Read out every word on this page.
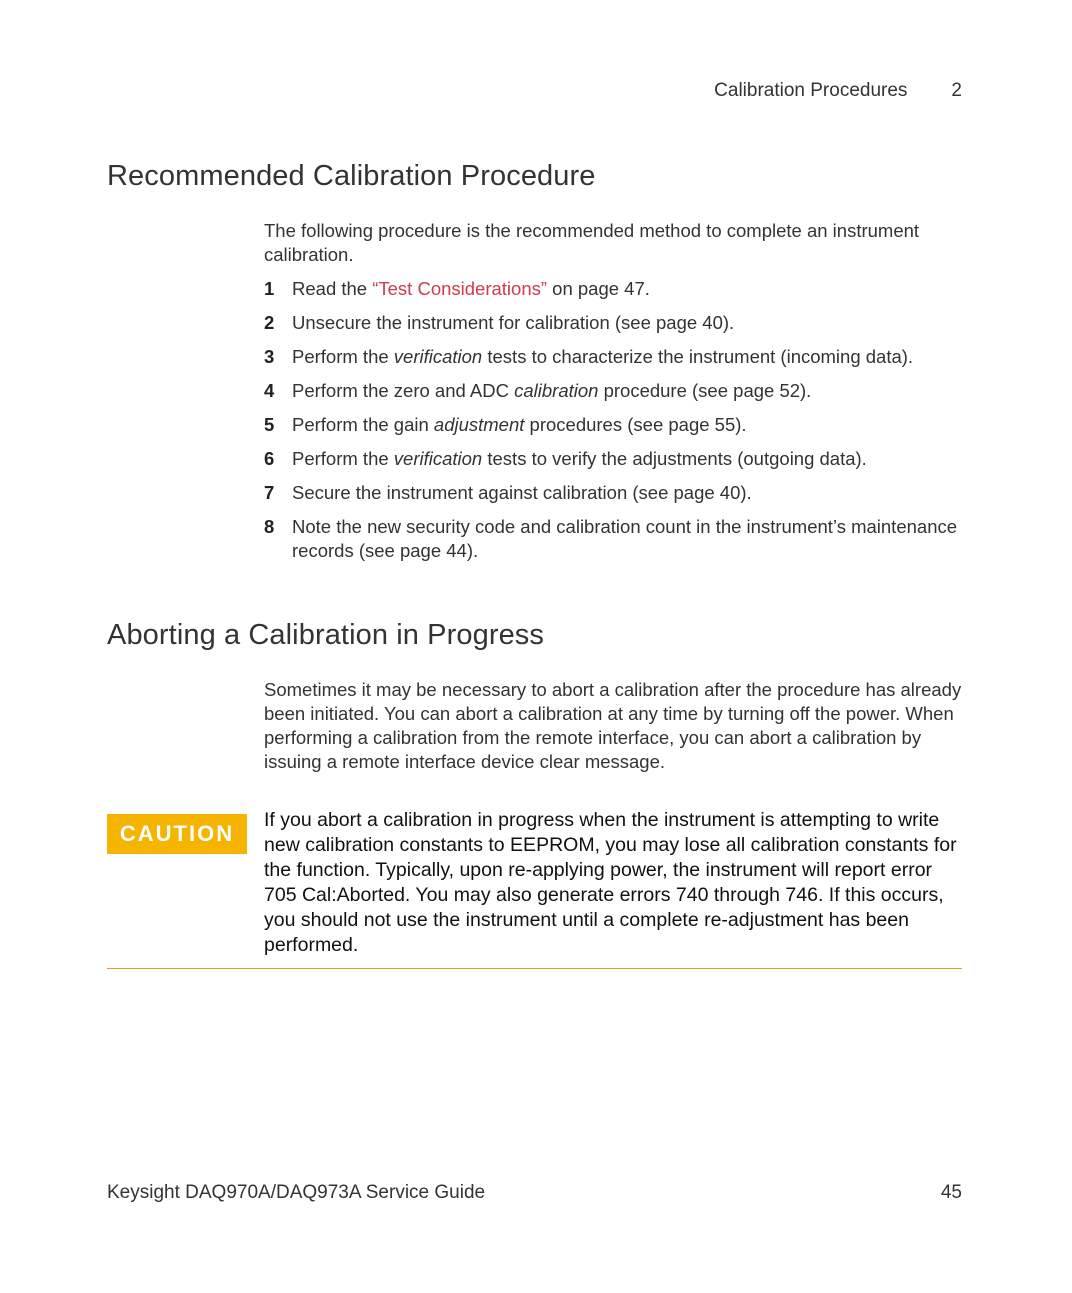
Calibration Procedures 2
Recommended Calibration Procedure

The following procedure is the recommended method to complete an instrument calibration.

1 Read the “Test Considerations” on page 47.
2 Unsecure the instrument for calibration (see page 40).
3 Perform the verification tests to characterize the instrument (incoming data).
4 Perform the zero and ADC calibration procedure (see page 52).
5 Perform the gain adjustment procedures (see page 55).
6 Perform the verification tests to verify the adjustments (outgoing data).
7 Secure the instrument against calibration (see page 40).
8 Note the new security code and calibration count in the instrument’s maintenance records (see page 44).
Aborting a Calibration in Progress

Sometimes it may be necessary to abort a calibration after the procedure has already been initiated. You can abort a calibration at any time by turning off the power. When performing a calibration from the remote interface, you can abort a calibration by issuing a remote interface device clear message.

CAUTION

If you abort a calibration in progress when the instrument is attempting to write new calibration constants to EEPROM, you may lose all calibration constants for the function. Typically, upon re-applying power, the instrument will report error 705 Cal:Aborted. You may also generate errors 740 through 746. If this occurs, you should not use the instrument until a complete re-adjustment has been performed.

Keysight DAQ970A/DAQ973A Service Guide	45
